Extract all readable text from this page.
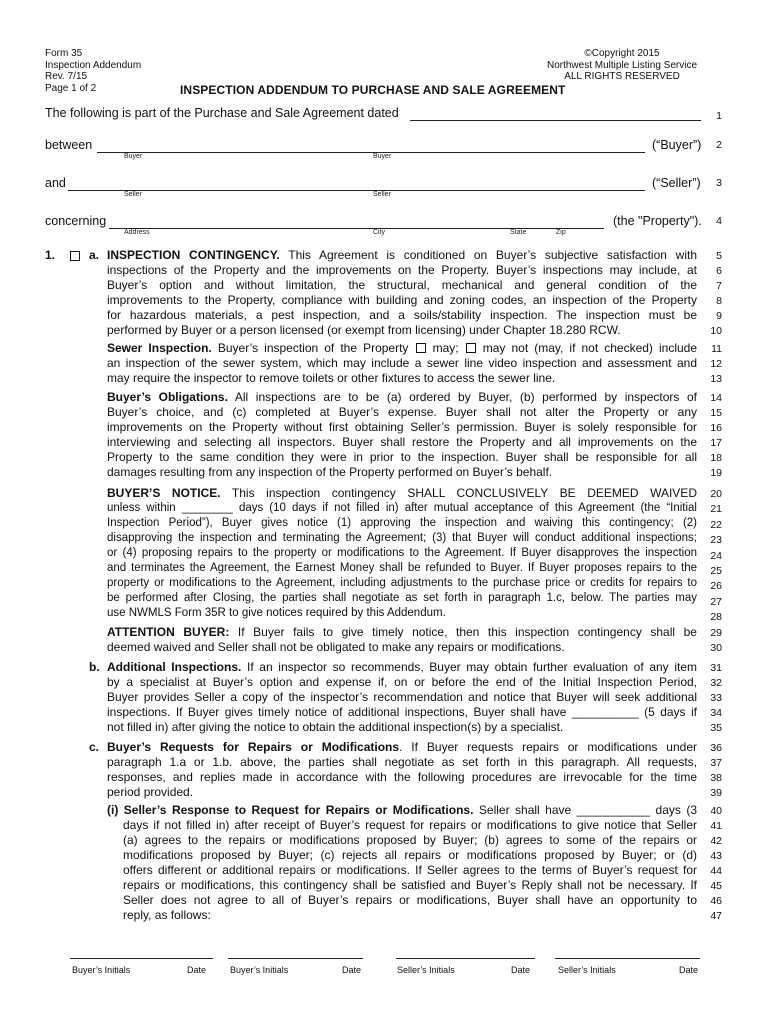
Form 35
Inspection Addendum
Rev. 7/15
Page 1 of 2
©Copyright 2015
Northwest Multiple Listing Service
ALL RIGHTS RESERVED
INSPECTION ADDENDUM TO PURCHASE AND SALE AGREEMENT
The following is part of the Purchase and Sale Agreement dated
between	(“Buyer”)
Buyer	Buyer
and	(“Seller”)
Seller	Seller
concerning	(the "Property").
Address	City	State	Zip
1
2
3
4
5
6
7
8
9
10
11
12
13
14
15
16
17
18
19
20
21
22
23
24
25
26
27
28
29
30
31
32
33
34
35
36
37
38
39
40
41
42
43
44
45
46
47
1.	a. INSPECTION CONTINGENCY. This Agreement is conditioned on Buyer’s subjective satisfaction with
inspections of the Property and the improvements on the Property. Buyer’s inspections may include, at
Buyer’s option and without limitation, the structural, mechanical and general condition of the
improvements to the Property, compliance with building and zoning codes, an inspection of the Property
for hazardous materials, a pest inspection, and a soils/stability inspection. The inspection must be
performed by Buyer or a person licensed (or exempt from licensing) under Chapter 18.280 RCW.
Sewer Inspection. Buyer’s inspection of the Property may; may not (may, if not checked) include
an inspection of the sewer system, which may include a sewer line video inspection and assessment and
may require the inspector to remove toilets or other fixtures to access the sewer line.
Buyer’s Obligations. All inspections are to be (a) ordered by Buyer, (b) performed by inspectors of
Buyer’s choice, and (c) completed at Buyer’s expense. Buyer shall not alter the Property or any
improvements on the Property without first obtaining Seller’s permission. Buyer is solely responsible for
interviewing and selecting all inspectors. Buyer shall restore the Property and all improvements on the
Property to the same condition they were in prior to the inspection. Buyer shall be responsible for all
damages resulting from any inspection of the Property performed on Buyer’s behalf.
BUYER’S NOTICE. This inspection contingency SHALL CONCLUSIVELY BE DEEMED WAIVED
unless within ________ days (10 days if not filled in) after mutual acceptance of this Agreement (the “Initial
Inspection Period”), Buyer gives notice (1) approving the inspection and waiving this contingency; (2)
disapproving the inspection and terminating the Agreement; (3) that Buyer will conduct additional inspections;
or (4) proposing repairs to the property or modifications to the Agreement. If Buyer disapproves the inspection
and terminates the Agreement, the Earnest Money shall be refunded to Buyer. If Buyer proposes repairs to the
property or modifications to the Agreement, including adjustments to the purchase price or credits for repairs to
be performed after Closing, the parties shall negotiate as set forth in paragraph 1.c, below. The parties may
use NWMLS Form 35R to give notices required by this Addendum.
ATTENTION BUYER: If Buyer fails to give timely notice, then this inspection contingency shall be
deemed waived and Seller shall not be obligated to make any repairs or modifications.
b. Additional Inspections. If an inspector so recommends, Buyer may obtain further evaluation of any item
by a specialist at Buyer’s option and expense if, on or before the end of the Initial Inspection Period,
Buyer provides Seller a copy of the inspector’s recommendation and notice that Buyer will seek additional
inspections. If Buyer gives timely notice of additional inspections, Buyer shall have __________ (5 days if
not filled in) after giving the notice to obtain the additional inspection(s) by a specialist.
c. Buyer’s Requests for Repairs or Modifications. If Buyer requests repairs or modifications under
paragraph 1.a or 1.b. above, the parties shall negotiate as set forth in this paragraph. All requests,
responses, and replies made in accordance with the following procedures are irrevocable for the time
period provided.
(i) Seller’s Response to Request for Repairs or Modifications. Seller shall have ___________ days (3
days if not filled in) after receipt of Buyer’s request for repairs or modifications to give notice that Seller
(a) agrees to the repairs or modifications proposed by Buyer; (b) agrees to some of the repairs or
modifications proposed by Buyer; (c) rejects all repairs or modifications proposed by Buyer; or (d)
offers different or additional repairs or modifications. If Seller agrees to the terms of Buyer’s request for
repairs or modifications, this contingency shall be satisfied and Buyer’s Reply shall not be necessary. If
Seller does not agree to all of Buyer’s repairs or modifications, Buyer shall have an opportunity to
reply, as follows:
Buyer’s Initials	Date	Buyer’s Initials	Date	Seller’s Initials	Date	Seller’s Initials	Date
